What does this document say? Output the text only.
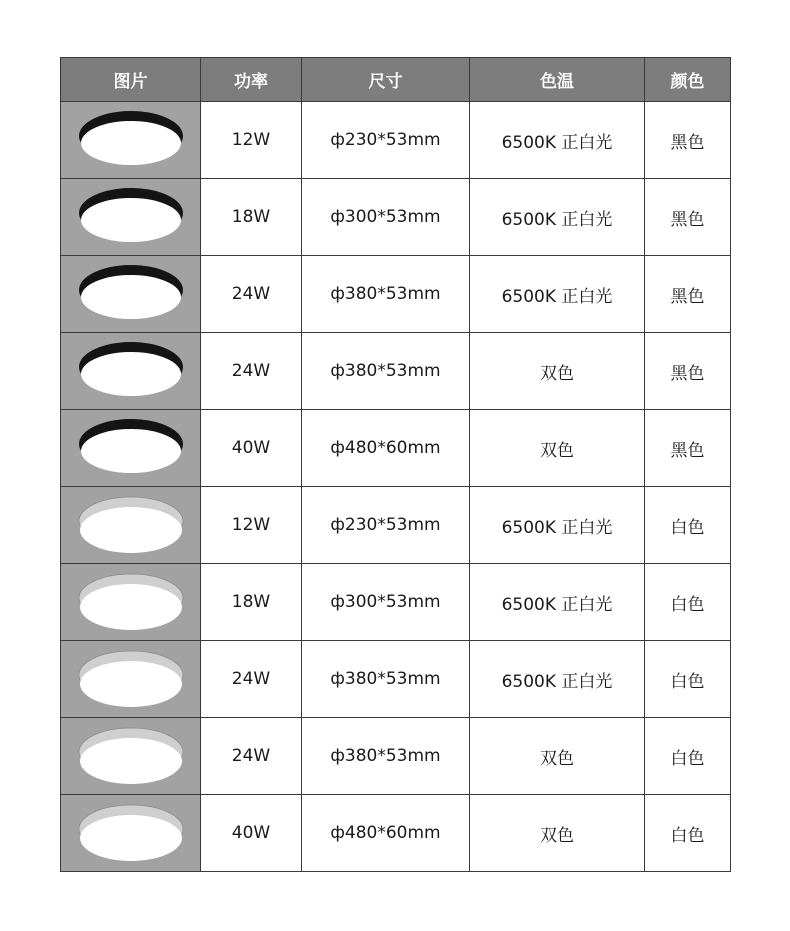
图片	功率	尺寸	色温	颜色

	12W	ф230*53mm	6500K 正白光	黑色

	18W	ф300*53mm	6500K 正白光	黑色

	24W	ф380*53mm	6500K 正白光	黑色

	24W	ф380*53mm	双色	黑色

	40W	ф480*60mm	双色	黑色

	12W	ф230*53mm	6500K 正白光	白色

	18W	ф300*53mm	6500K 正白光	白色

	24W	ф380*53mm	6500K 正白光	白色

	24W	ф380*53mm	双色	白色

	40W	ф480*60mm	双色	白色
